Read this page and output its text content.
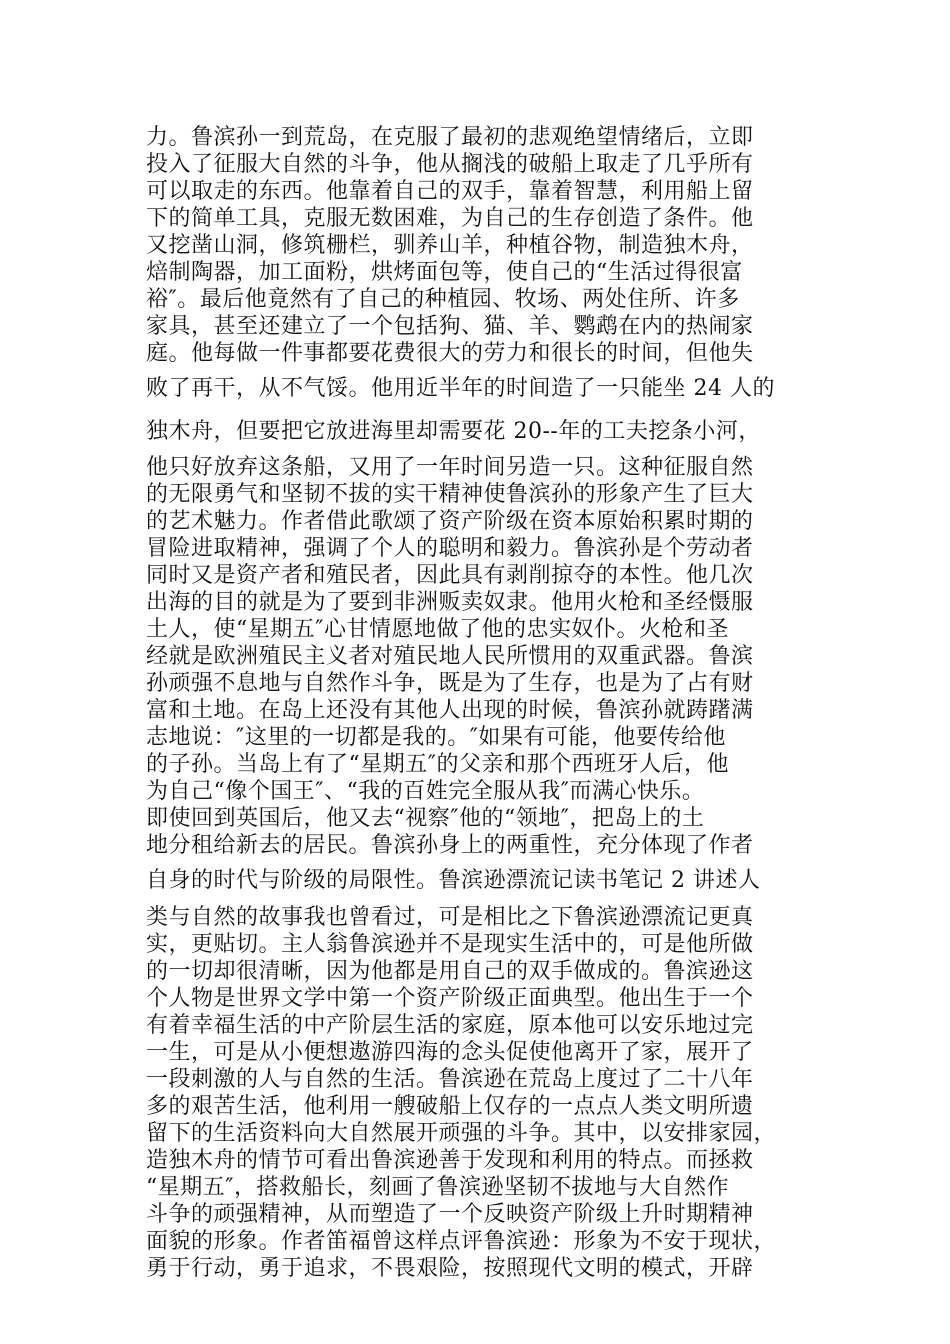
力。鲁滨孙一到荒岛，在克服了最初的悲观绝望情绪后，立即
投入了征服大自然的斗争，他从搁浅的破船上取走了几乎所有
可以取走的东西。他靠着自己的双手，靠着智慧，利用船上留
下的简单工具，克服无数困难，为自己的生存创造了条件。他
又挖凿山洞，修筑栅栏，驯养山羊，种植谷物，制造独木舟，
焙制陶器，加工面粉，烘烤面包等，使自己的“生活过得很富
裕″。最后他竟然有了自己的种植园、牧场、两处住所、许多
家具，甚至还建立了一个包括狗、猫、羊、鹦鹉在内的热闹家
庭。他每做一件事都要花费很大的劳力和很长的时间，但他失
败了再干，从不气馁。他用近半年的时间造了一只能坐 24 人的
独木舟，但要把它放进海里却需要花 20--年的工夫挖条小河，
他只好放弃这条船，又用了一年时间另造一只。这种征服自然
的无限勇气和坚韧不拔的实干精神使鲁滨孙的形象产生了巨大
的艺术魅力。作者借此歌颂了资产阶级在资本原始积累时期的
冒险进取精神，强调了个人的聪明和毅力。鲁滨孙是个劳动者
同时又是资产者和殖民者，因此具有剥削掠夺的本性。他几次
出海的目的就是为了要到非洲贩卖奴隶。他用火枪和圣经慑服
土人，使“星期五″心甘情愿地做了他的忠实奴仆。火枪和圣
经就是欧洲殖民主义者对殖民地人民所惯用的双重武器。鲁滨
孙顽强不息地与自然作斗争，既是为了生存，也是为了占有财
富和土地。在岛上还没有其他人出现的时候，鲁滨孙就踌躇满
志地说：″这里的一切都是我的。″如果有可能，他要传给他
的子孙。当岛上有了“星期五″的父亲和那个西班牙人后，他
为自己“像个国王″、“我的百姓完全服从我″而满心快乐。
即使回到英国后，他又去“视察″他的“领地″，把岛上的土
地分租给新去的居民。鲁滨孙身上的两重性，充分体现了作者
自身的时代与阶级的局限性。鲁滨逊漂流记读书笔记 2 讲述人
类与自然的故事我也曾看过，可是相比之下鲁滨逊漂流记更真
实，更贴切。主人翁鲁滨逊并不是现实生活中的，可是他所做
的一切却很清晰，因为他都是用自己的双手做成的。鲁滨逊这
个人物是世界文学中第一个资产阶级正面典型。他出生于一个
有着幸福生活的中产阶层生活的家庭，原本他可以安乐地过完
一生，可是从小便想遨游四海的念头促使他离开了家，展开了
一段刺激的人与自然的生活。鲁滨逊在荒岛上度过了二十八年
多的艰苦生活，他利用一艘破船上仅存的一点点人类文明所遗
留下的生活资料向大自然展开顽强的斗争。其中，以安排家园，
造独木舟的情节可看出鲁滨逊善于发现和利用的特点。而拯救
“星期五″，搭救船长，刻画了鲁滨逊坚韧不拔地与大自然作
斗争的顽强精神，从而塑造了一个反映资产阶级上升时期精神
面貌的形象。作者笛福曾这样点评鲁滨逊：形象为不安于现状，
勇于行动，勇于追求，不畏艰险，按照现代文明的模式，开辟
